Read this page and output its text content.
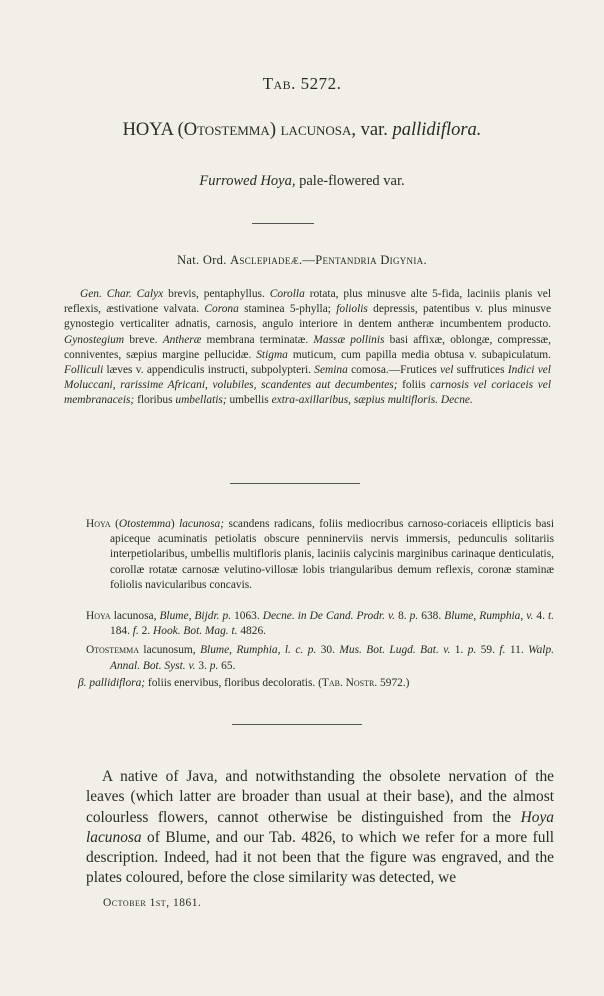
Tab. 5272.
HOYA (Otostemma) lacunosa, var. pallidiflora.
Furrowed Hoya, pale-flowered var.
Nat. Ord. Asclepiadeæ.—Pentandria Digynia.
Gen. Char. Calyx brevis, pentaphyllus. Corolla rotata, plus minusve alte 5-fida, laciniis planis vel reflexis, æstivatione valvata. Corona staminea 5-phylla; foliolis depressis, patentibus v. plus minusve gynostegio verticaliter adnatis, carnosis, angulo interiore in dentem antheræ incumbentem producto. Gynostegium breve. Antheræ membrana terminatæ. Massæ pollinis basi affixæ, oblongæ, compressæ, conniventes, sæpius margine pellucidæ. Stigma muticum, cum papilla media obtusa v. subapiculatum. Folliculi læves v. appendiculis instructi, subpolypteri. Semina comosa.—Frutices vel suffrutices Indici vel Moluccani, rarissime Africani, volubiles, scandentes aut decumbentes; foliis carnosis vel coriaceis vel membranaceis; floribus umbellatis; umbellis extra-axillaribus, sæpius multifloris. Decne.
Hoya (Otostemma) lacunosa; scandens radicans, foliis mediocribus carnoso-coriaceis ellipticis basi apiceque acuminatis petiolatis obscure penninerviis nervis immersis, pedunculis solitariis interpetiolaribus, umbellis multifloris planis, laciniis calycinis marginibus carinaque denticulatis, corollæ rotatæ carnosæ velutino-villosæ lobis triangularibus demum reflexis, coronæ staminæ foliolis navicularibus concavis.
Hoya lacunosa, Blume, Bijdr. p. 1063. Decne. in De Cand. Prodr. v. 8. p. 638. Blume, Rumphia, v. 4. t. 184. f. 2. Hook. Bot. Mag. t. 4826.
Otostemma lacunosum, Blume, Rumphia, l. c. p. 30. Mus. Bot. Lugd. Bat. v. 1. p. 59. f. 11. Walp. Annal. Bot. Syst. v. 3. p. 65.
β. pallidiflora; foliis enervibus, floribus decoloratis. (Tab. Nostr. 5972.)
A native of Java, and notwithstanding the obsolete nervation of the leaves (which latter are broader than usual at their base), and the almost colourless flowers, cannot otherwise be distinguished from the Hoya lacunosa of Blume, and our Tab. 4826, to which we refer for a more full description. Indeed, had it not been that the figure was engraved, and the plates coloured, before the close similarity was detected, we
October 1st, 1861.
